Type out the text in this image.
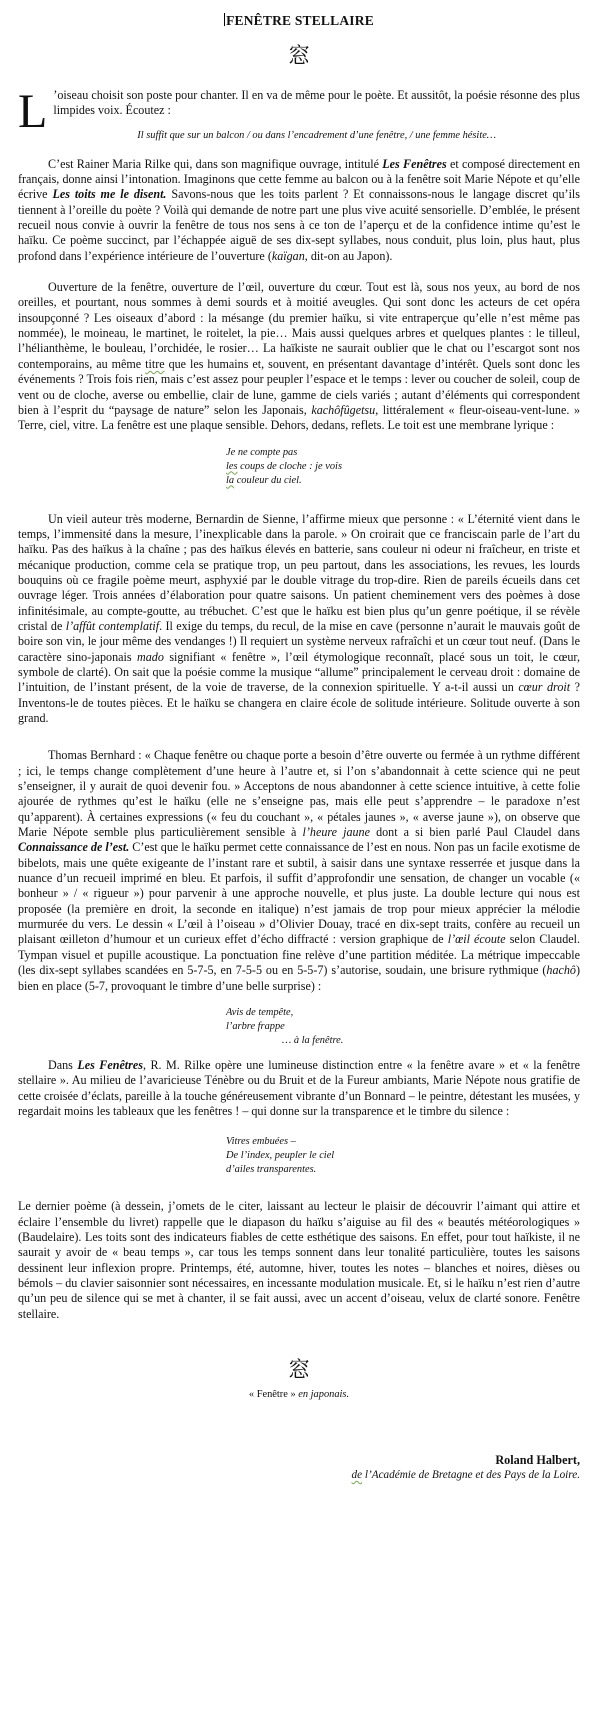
FENÊTRE STELLAIRE
窓

L ’oiseau choisit son poste pour chanter. Il en va de même pour le poète. Et aussitôt, la poésie résonne des plus limpides voix. Écoutez :

Il suffit que sur un balcon / ou dans l’encadrement d’une fenêtre, / une femme hésite…

C’est Rainer Maria Rilke qui, dans son magnifique ouvrage, intitulé Les Fenêtres et composé directement en français, donne ainsi l’intonation. Imaginons que cette femme au balcon ou à la fenêtre soit Marie Népote et qu’elle écrive Les toits me le disent. Savons-nous que les toits parlent ? Et connaissons-nous le langage discret qu’ils tiennent à l’oreille du poète ? Voilà qui demande de notre part une plus vive acuité sensorielle. D’emblée, le présent recueil nous convie à ouvrir la fenêtre de tous nos sens à ce ton de l’aperçu et de la confidence intime qu’est le haïku. Ce poème succinct, par l’échappée aiguë de ses dix-sept syllabes, nous conduit, plus loin, plus haut, plus profond dans l’expérience intérieure de l’ouverture (kaïgan, dit-on au Japon).

Ouverture de la fenêtre, ouverture de l’œil, ouverture du cœur. Tout est là, sous nos yeux, au bord de nos oreilles, et pourtant, nous sommes à demi sourds et à moitié aveugles. Qui sont donc les acteurs de cet opéra insoupçonné ? Les oiseaux d’abord : la mésange (du premier haïku, si vite entraperçue qu’elle n’est même pas nommée), le moineau, le martinet, le roitelet, la pie… Mais aussi quelques arbres et quelques plantes : le tilleul, l’hélianthème, le bouleau, l’orchidée, le rosier… La haïkiste ne saurait oublier que le chat ou l’escargot sont nos contemporains, au même titre que les humains et, souvent, en présentant davantage d’intérêt. Quels sont donc les événements ? Trois fois rien, mais c’est assez pour peupler l’espace et le temps : lever ou coucher de soleil, coup de vent ou de cloche, averse ou embellie, clair de lune, gamme de ciels variés ; autant d’éléments qui correspondent bien à l’esprit du “paysage de nature” selon les Japonais, kachôfûgetsu, littéralement « fleur-oiseau-vent-lune. » Terre, ciel, vitre. La fenêtre est une plaque sensible. Dehors, dedans, reflets. Le toit est une membrane lyrique :

Je ne compte pas
les coups de cloche : je vois
la couleur du ciel.

Un vieil auteur très moderne, Bernardin de Sienne, l’affirme mieux que personne : « L’éternité vient dans le temps, l’immensité dans la mesure, l’inexplicable dans la parole. » On croirait que ce franciscain parle de l’art du haïku. Pas des haïkus à la chaîne ; pas des haïkus élevés en batterie, sans couleur ni odeur ni fraîcheur, en triste et mécanique production, comme cela se pratique trop, un peu partout, dans les associations, les revues, les lourds bouquins où ce fragile poème meurt, asphyxié par le double vitrage du trop-dire. Rien de pareils écueils dans cet ouvrage léger. Trois années d’élaboration pour quatre saisons. Un patient cheminement vers des poèmes à dose infinitésimale, au compte-goutte, au trébuchet. C’est que le haïku est bien plus qu’un genre poétique, il se révèle cristal de l’affût contemplatif. Il exige du temps, du recul, de la mise en cave (personne n’aurait le mauvais goût de boire son vin, le jour même des vendanges !) Il requiert un système nerveux rafraîchi et un cœur tout neuf. (Dans le caractère sino-japonais mado signifiant « fenêtre », l’œil étymologique reconnaît, placé sous un toit, le cœur, symbole de clarté). On sait que la poésie comme la musique “allume” principalement le cerveau droit : domaine de l’intuition, de l’instant présent, de la voie de traverse, de la connexion spirituelle. Y a-t-il aussi un cœur droit ? Inventons-le de toutes pièces. Et le haïku se changera en claire école de solitude intérieure. Solitude ouverte à son grand.

Thomas Bernhard : « Chaque fenêtre ou chaque porte a besoin d’être ouverte ou fermée à un rythme différent ; ici, le temps change complètement d’une heure à l’autre et, si l’on s’abandonnait à cette science qui ne peut s’enseigner, il y aurait de quoi devenir fou. » Acceptons de nous abandonner à cette science intuitive, à cette folie ajourée de rythmes qu’est le haïku (elle ne s’enseigne pas, mais elle peut s’apprendre – le paradoxe n’est qu’apparent). À certaines expressions (« feu du couchant », « pétales jaunes », « averse jaune »), on observe que Marie Népote semble plus particulièrement sensible à l’heure jaune dont a si bien parlé Paul Claudel dans Connaissance de l’est. C’est que le haïku permet cette connaissance de l’est en nous. Non pas un facile exotisme de bibelots, mais une quête exigeante de l’instant rare et subtil, à saisir dans une syntaxe resserrée et jusque dans la nuance d’un recueil imprimé en bleu. Et parfois, il suffit d’approfondir une sensation, de changer un vocable (« bonheur » / « rigueur ») pour parvenir à une approche nouvelle, et plus juste. La double lecture qui nous est proposée (la première en droit, la seconde en italique) n’est jamais de trop pour mieux apprécier la mélodie murmurée du vers. Le dessin « L’œil à l’oiseau » d’Olivier Douay, tracé en dix-sept traits, confère au recueil un plaisant œilleton d’humour et un curieux effet d’écho diffracté : version graphique de l’œil écoute selon Claudel. Tympan visuel et pupille acoustique. La ponctuation fine relève d’une partition méditée. La métrique impeccable (les dix-sept syllabes scandées en 5-7-5, en 7-5-5 ou en 5-5-7) s’autorise, soudain, une brisure rythmique (hachô) bien en place (5-7, provoquant le timbre d’une belle surprise) :

Avis de tempête,
l’arbre frappe
… à la fenêtre.

Dans Les Fenêtres, R. M. Rilke opère une lumineuse distinction entre « la fenêtre avare » et « la fenêtre stellaire ». Au milieu de l’avaricieuse Ténèbre ou du Bruit et de la Fureur ambiants, Marie Népote nous gratifie de cette croisée d’éclats, pareille à la touche généreusement vibrante d’un Bonnard – le peintre, détestant les musées, y regardait moins les tableaux que les fenêtres ! – qui donne sur la transparence et le timbre du silence :

Vitres embuées –
De l’index, peupler le ciel
d’ailes transparentes.

Le dernier poème (à dessein, j’omets de le citer, laissant au lecteur le plaisir de découvrir l’aimant qui attire et éclaire l’ensemble du livret) rappelle que le diapason du haïku s’aiguise au fil des « beautés météorologiques » (Baudelaire). Les toits sont des indicateurs fiables de cette esthétique des saisons. En effet, pour tout haïkiste, il ne saurait y avoir de « beau temps », car tous les temps sonnent dans leur tonalité particulière, toutes les saisons dessinent leur inflexion propre. Printemps, été, automne, hiver, toutes les notes – blanches et noires, dièses ou bémols – du clavier saisonnier sont nécessaires, en incessante modulation musicale. Et, si le haïku n’est rien d’autre qu’un peu de silence qui se met à chanter, il se fait aussi, avec un accent d’oiseau, velux de clarté sonore. Fenêtre stellaire.

窓
« Fenêtre » en japonais.
Roland Halbert,
de l’Académie de Bretagne et des Pays de la Loire.
